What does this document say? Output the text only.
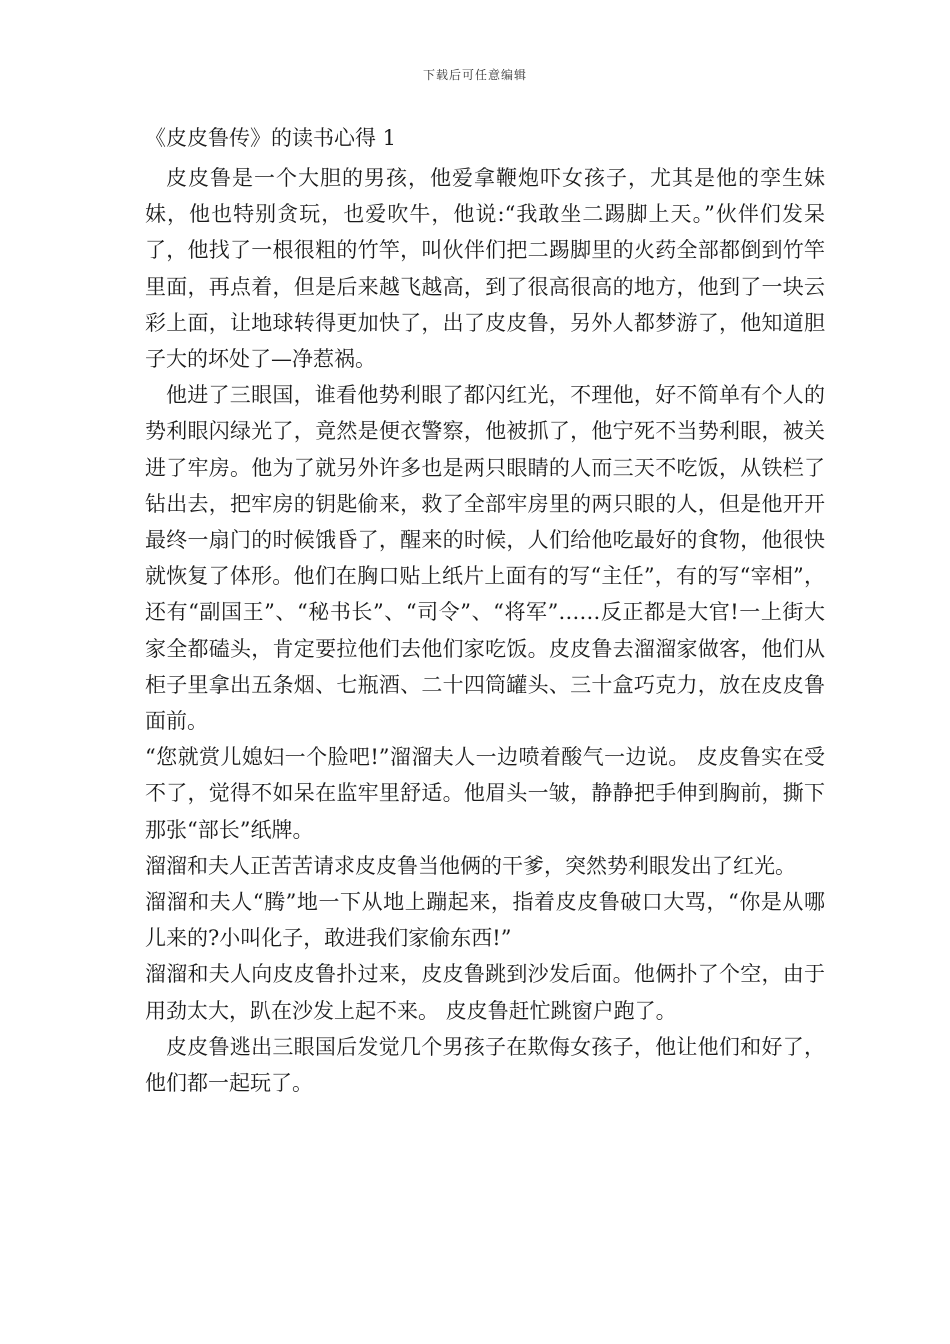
下载后可任意编辑
《皮皮鲁传》的读书心得 1

皮皮鲁是一个大胆的男孩，他爱拿鞭炮吓女孩子，尤其是他的孪生妹妹，他也特别贪玩，也爱吹牛，他说:“我敢坐二踢脚上天。”伙伴们发呆了，他找了一根很粗的竹竿，叫伙伴们把二踢脚里的火药全部都倒到竹竿里面，再点着，但是后来越飞越高，到了很高很高的地方，他到了一块云彩上面，让地球转得更加快了，出了皮皮鲁，另外人都梦游了，他知道胆子大的坏处了—净惹祸。

他进了三眼国，谁看他势利眼了都闪红光，不理他，好不简单有个人的势利眼闪绿光了，竟然是便衣警察，他被抓了，他宁死不当势利眼，被关进了牢房。他为了就另外许多也是两只眼睛的人而三天不吃饭，从铁栏了钻出去，把牢房的钥匙偷来，救了全部牢房里的两只眼的人，但是他开开最终一扇门的时候饿昏了，醒来的时候，人们给他吃最好的食物，他很快就恢复了体形。他们在胸口贴上纸片上面有的写“主任”，有的写“宰相”，还有“副国王”、“秘书长”、“司令”、“将军”……反正都是大官!一上街大家全都磕头，肯定要拉他们去他们家吃饭。皮皮鲁去溜溜家做客，他们从柜子里拿出五条烟、七瓶酒、二十四筒罐头、三十盒巧克力，放在皮皮鲁面前。

“您就赏儿媳妇一个脸吧!”溜溜夫人一边喷着酸气一边说。 皮皮鲁实在受不了，觉得不如呆在监牢里舒适。他眉头一皱，静静把手伸到胸前，撕下那张“部长”纸牌。

溜溜和夫人正苦苦请求皮皮鲁当他俩的干爹，突然势利眼发出了红光。

溜溜和夫人“腾”地一下从地上蹦起来，指着皮皮鲁破口大骂，“你是从哪儿来的?小叫化子，敢进我们家偷东西!”

溜溜和夫人向皮皮鲁扑过来，皮皮鲁跳到沙发后面。他俩扑了个空，由于用劲太大，趴在沙发上起不来。 皮皮鲁赶忙跳窗户跑了。

皮皮鲁逃出三眼国后发觉几个男孩子在欺侮女孩子，他让他们和好了，他们都一起玩了。
